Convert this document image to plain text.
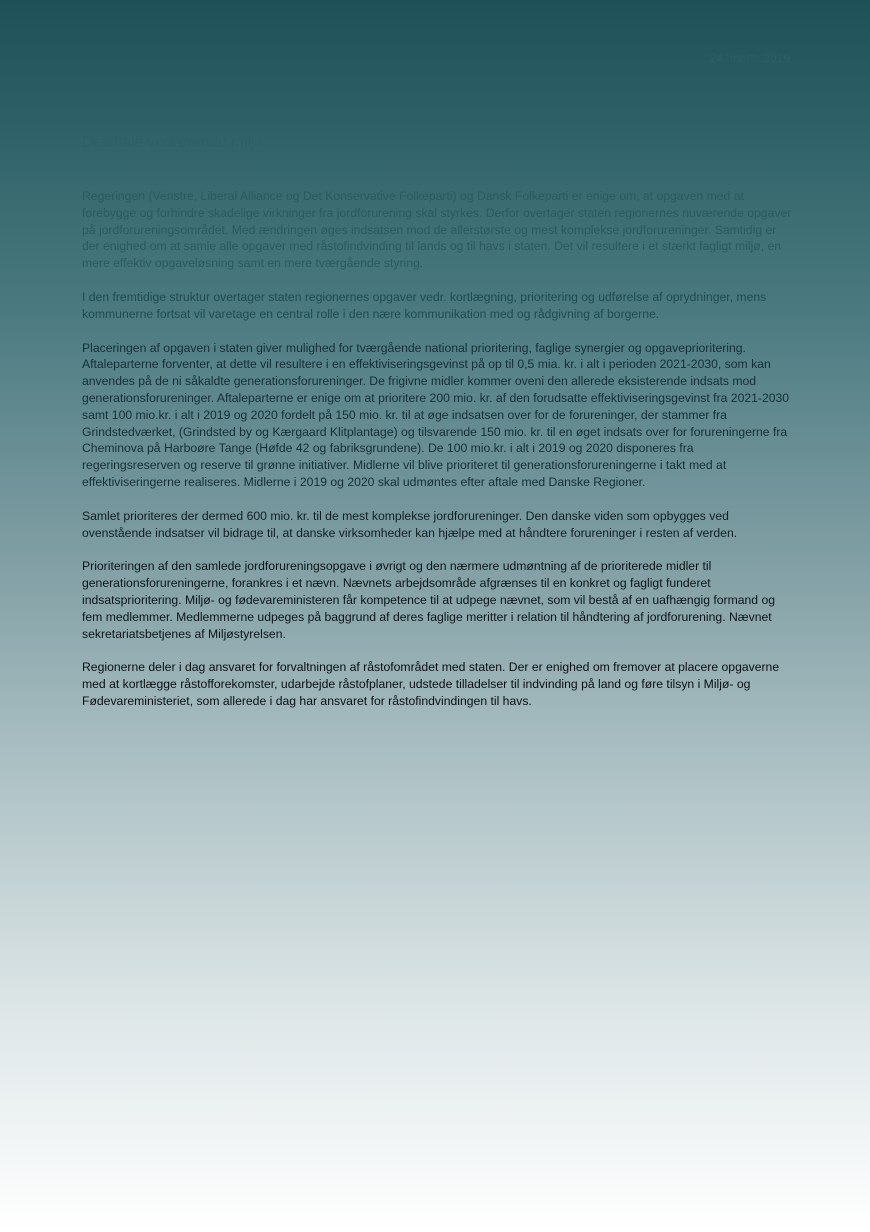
24. marts 2019
Delaftale vedrørende miljø

Regeringen (Venstre, Liberal Alliance og Det Konservative Folkeparti) og Dansk Folkeparti er enige om, at opgaven med at forebygge og forhindre skadelige virkninger fra jordforurening skal styrkes. Derfor overtager staten regionernes nuværende opgaver på jordforureningsområdet. Med ændringen øges indsatsen mod de allerstørste og mest komplekse jordforureninger. Samtidig er der enighed om at samle alle opgaver med råstofindvinding til lands og til havs i staten. Det vil resultere i et stærkt fagligt miljø, en mere effektiv opgaveløsning samt en mere tværgående styring.

I den fremtidige struktur overtager staten regionernes opgaver vedr. kortlægning, prioritering og udførelse af oprydninger, mens kommunerne fortsat vil varetage en central rolle i den nære kommunikation med og rådgivning af borgerne.

Placeringen af opgaven i staten giver mulighed for tværgående national prioritering, faglige synergier og opgaveprioritering. Aftaleparterne forventer, at dette vil resultere i en effektiviseringsgevinst på op til 0,5 mia. kr. i alt i perioden 2021-2030, som kan anvendes på de ni såkaldte generationsforureninger. De frigivne midler kommer oveni den allerede eksisterende indsats mod generationsforureninger. Aftaleparterne er enige om at prioritere 200 mio. kr. af den forudsatte effektiviseringsgevinst fra 2021-2030 samt 100 mio.kr. i alt i 2019 og 2020 fordelt på 150 mio. kr. til at øge indsatsen over for de forureninger, der stammer fra Grindstedværket, (Grindsted by og Kærgaard Klitplantage) og tilsvarende 150 mio. kr. til en øget indsats over for forureningerne fra Cheminova på Harboøre Tange (Høfde 42 og fabriksgrundene). De 100 mio.kr. i alt i 2019 og 2020 disponeres fra regeringsreserven og reserve til grønne initiativer. Midlerne vil blive prioriteret til generationsforureningerne i takt med at effektiviseringerne realiseres. Midlerne i 2019 og 2020 skal udmøntes efter aftale med Danske Regioner.

Samlet prioriteres der dermed 600 mio. kr. til de mest komplekse jordforureninger. Den danske viden som opbygges ved ovenstående indsatser vil bidrage til, at danske virksomheder kan hjælpe med at håndtere forureninger i resten af verden.

Prioriteringen af den samlede jordforureningsopgave i øvrigt og den nærmere udmøntning af de prioriterede midler til generationsforureningerne, forankres i et nævn. Nævnets arbejdsområde afgrænses til en konkret og fagligt funderet indsatsprioritering. Miljø- og fødevareministeren får kompetence til at udpege nævnet, som vil bestå af en uafhængig formand og fem medlemmer. Medlemmerne udpeges på baggrund af deres faglige meritter i relation til håndtering af jordforurening. Nævnet sekretariatsbetjenes af Miljøstyrelsen.

Regionerne deler i dag ansvaret for forvaltningen af råstofområdet med staten. Der er enighed om fremover at placere opgaverne med at kortlægge råstofforekomster, udarbejde råstofplaner, udstede tilladelser til indvinding på land og føre tilsyn i Miljø- og Fødevareministeriet, som allerede i dag har ansvaret for råstofindvindingen til havs.
